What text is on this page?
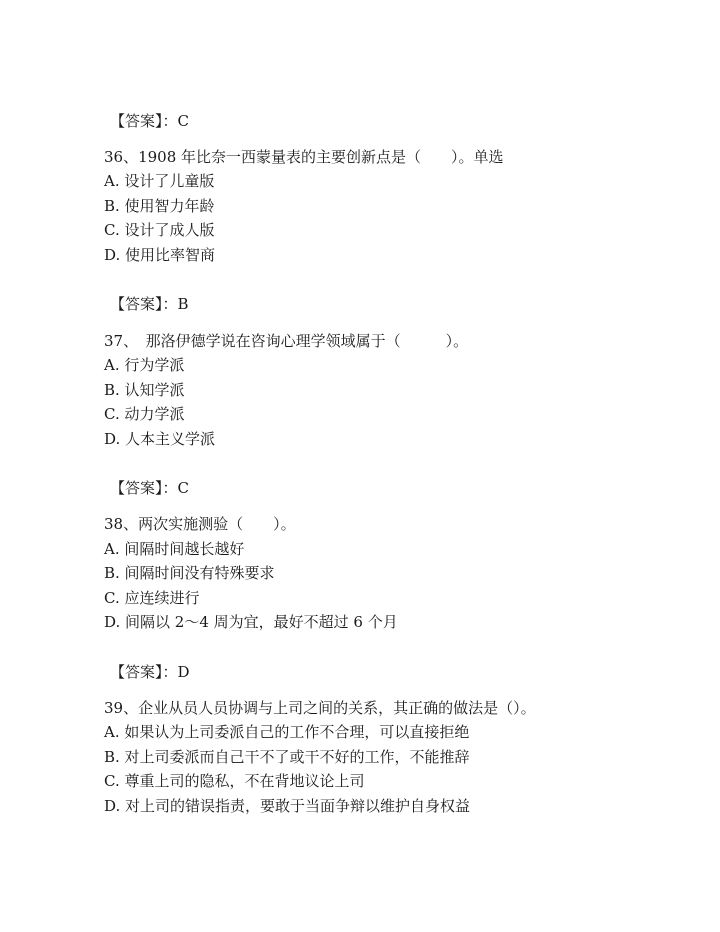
【答案】：C
36、1908 年比奈一西蒙量表的主要创新点是（　　）。单选
A. 设计了儿童版
B. 使用智力年龄
C. 设计了成人版
D. 使用比率智商
【答案】：B
37、　那洛伊德学说在咨询心理学领域属于（　　　）。
A. 行为学派
B. 认知学派
C. 动力学派
D. 人本主义学派
【答案】：C
38、两次实施测验（　　）。
A. 间隔时间越长越好
B. 间隔时间没有特殊要求
C. 应连续进行
D. 间隔以 2～4 周为宜，最好不超过 6 个月
【答案】：D
39、企业从员人员协调与上司之间的关系，其正确的做法是（）。
A. 如果认为上司委派自己的工作不合理，可以直接拒绝
B. 对上司委派而自己干不了或干不好的工作，不能推辞
C. 尊重上司的隐私，不在背地议论上司
D. 对上司的错误指责，要敢于当面争辩以维护自身权益
